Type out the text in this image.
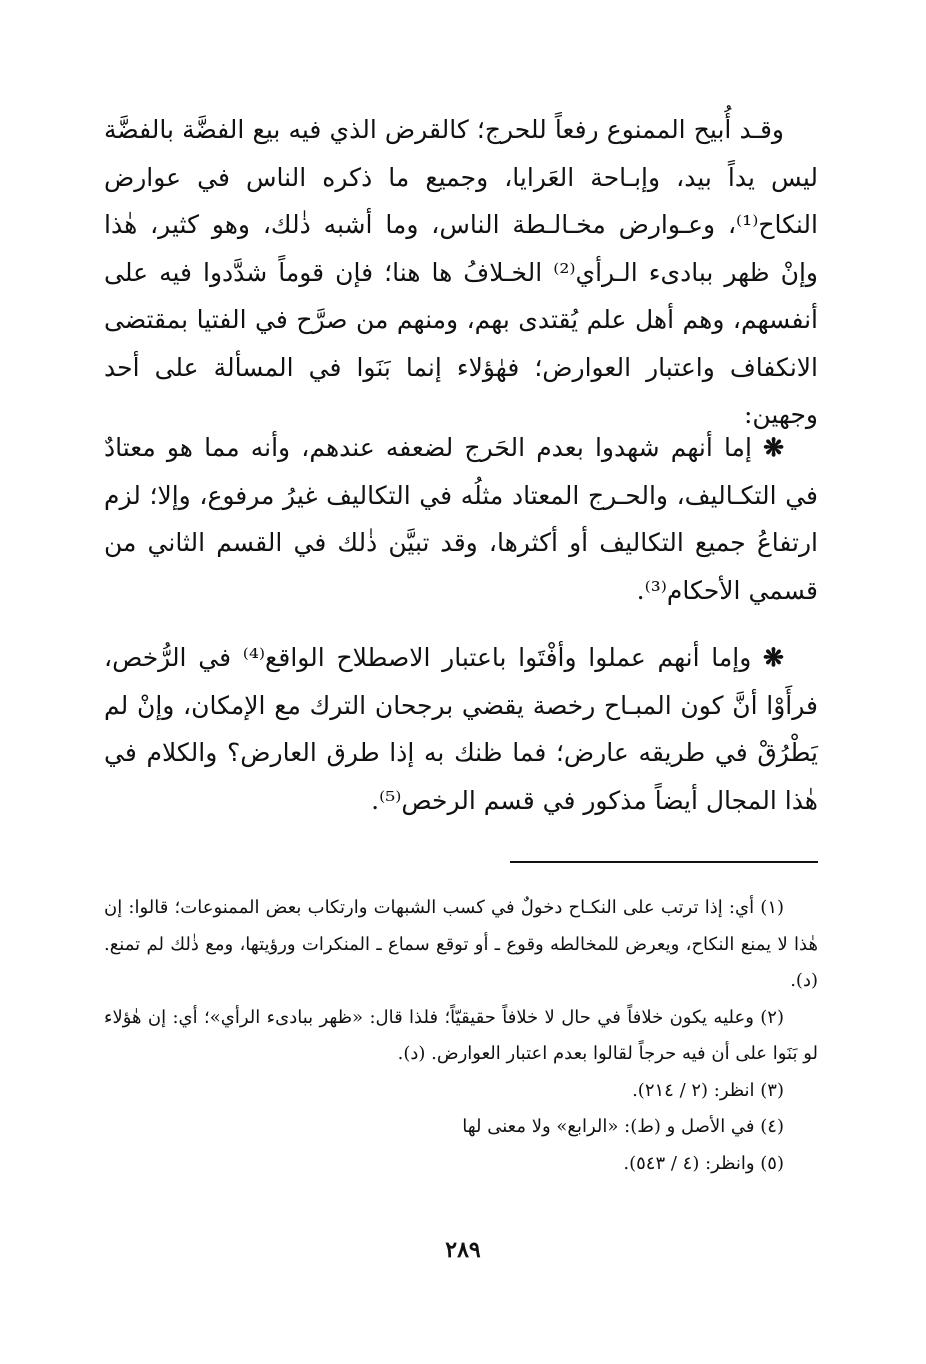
وقـد أُبيح الممنوع رفعاً للحرج؛ كالقرض الذي فيه بيع الفضَّة بالفضَّة ليس يداً بيد، وإبـاحة العَرايا، وجميع ما ذكره الناس في عوارض النكاح⁽¹⁾، وعـوارض مخـالـطة الناس، وما أشبه ذٰلك، وهو كثير، هٰذا وإنْ ظهر ببادىء الـرأي⁽²⁾ الخـلافُ ها هنا؛ فإن قوماً شدَّدوا فيه على أنفسهم، وهم أهل علم يُقتدى بهم، ومنهم من صرَّح في الفتيا بمقتضى الانكفاف واعتبار العوارض؛ فهٰؤلاء إنما بَنَوا في المسألة على أحد وجهين:

❋ إما أنهم شهدوا بعدم الحَرج لضعفه عندهم، وأنه مما هو معتادٌ في التكـاليف، والحـرج المعتاد مثلُه في التكاليف غيرُ مرفوع، وإلا؛ لزم ارتفاعُ جميع التكاليف أو أكثرها، وقد تبيَّن ذٰلك في القسم الثاني من قسمي الأحكام⁽³⁾.

❋ وإما أنهم عملوا وأفْتَوا باعتبار الاصطلاح الواقع⁽⁴⁾ في الرُّخص، فرأَوْا أنَّ كون المبـاح رخصة يقضي برجحان الترك مع الإمكان، وإنْ لم يَطْرُقْ في طريقه عارض؛ فما ظنك به إذا طرق العارض؟ والكلام في هٰذا المجال أيضاً مذكور في قسم الرخص⁽⁵⁾.

(١) أي: إذا ترتب على النكـاح دخولٌ في كسب الشبهات وارتكاب بعض الممنوعات؛ قالوا: إن هٰذا لا يمنع النكاح، ويعرض للمخالطه وقوع ـ أو توقع سماع ـ المنكرات ورؤيتها، ومع ذٰلك لم تمنع. (د).

(٢) وعليه يكون خلافاً في حال لا خلافاً حقيقيّاً؛ فلذا قال: «ظهر ببادىء الرأي»؛ أي: إن هٰؤلاء لو بَنَوا على أن فيه حرجاً لقالوا بعدم اعتبار العوارض. (د).

(٣) انظر: (٢ / ٢١٤).

(٤) في الأصل و (ط): «الرابع» ولا معنى لها

(٥) وانظر: (٤ / ٥٤٣).

٢٨٩
